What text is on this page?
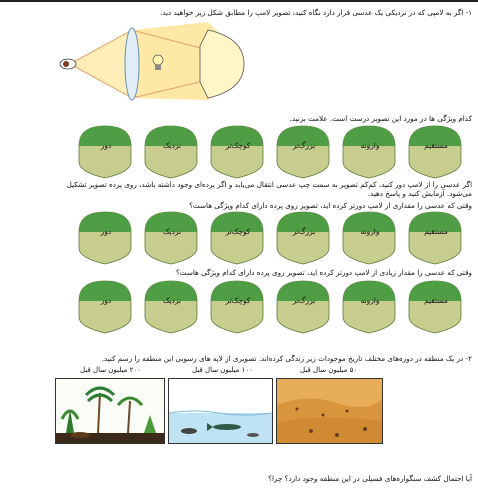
۱- اگر به لامپی که در نزدیکی یک عدسی قرار دارد نگاه کنید، تصویر لامپ را مطابق شکل زیر خواهید دید.
کدام ویژگی ها در مورد این تصویر درست است. علامت بزنید.
مستقیم
وارونه
بزرگ‌تر
کوچک‌تر
نزدیک
دور
اگر عدسی را از لامپ دور کنید، کم‌کم تصویر به سمت چپ عدسی انتقال می‌یابد و اگر پرده‌ای وجود داشته باشد، روی پرده تصویر تشکیل
می‌شود. آزمایش کنید و پاسخ دهید.
وقتی که عدسی را مقداری از لامپ دورتر کرده اید، تصویر روی پرده دارای کدام ویژگی هاست؟
مستقیم
وارونه
بزرگ‌تر
کوچک‌تر
نزدیک
دور
وقتی که عدسی را مقدار زیادی از لامپ دورتر کرده اید، تصویر روی پرده دارای کدام ویژگی هاست؟
مستقیم
وارونه
بزرگ‌تر
کوچک‌تر
نزدیک
دور
۲- در یک منطقه در دوره‌های مختلف تاریخ موجودات زیر زندگی کرده‌اند. تصویری از لایه های رسوبی این منطقه را رسم کنید.
۵۰ میلیون سال قبل
۱۰۰ میلیون سال قبل
۲۰۰ میلیون سال قبل
آیا احتمال کشف سنگواره‌های فسیلی در این منطقه وجود دارد؟ چرا؟
